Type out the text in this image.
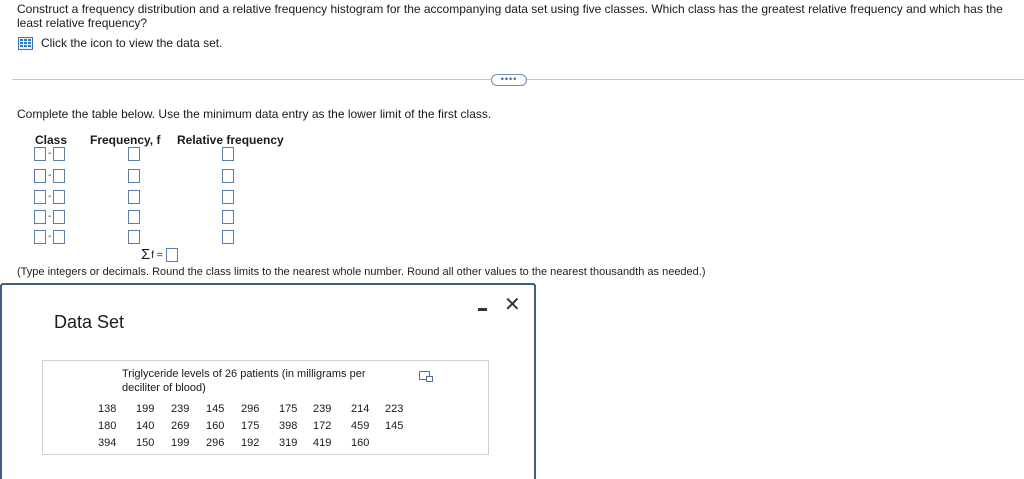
Construct a frequency distribution and a relative frequency histogram for the accompanying data set using five classes. Which class has the greatest relative frequency and which has the least relative frequency?
Click the icon to view the data set.
••••
Complete the table below. Use the minimum data entry as the lower limit of the first class.
Class Frequency, f Relative frequency
-
-
-
-
-
Σ f =
(Type integers or decimals. Round the class limits to the nearest whole number. Round all other values to the nearest thousandth as needed.)
Data Set
✕
Triglyceride levels of 26 patients (in milligrams per deciliter of blood)
138	199	239	145	296	175	239	214	223
180	140	269	160	175	398	172	459	145
394	150	199	296	192	319	419	160	
